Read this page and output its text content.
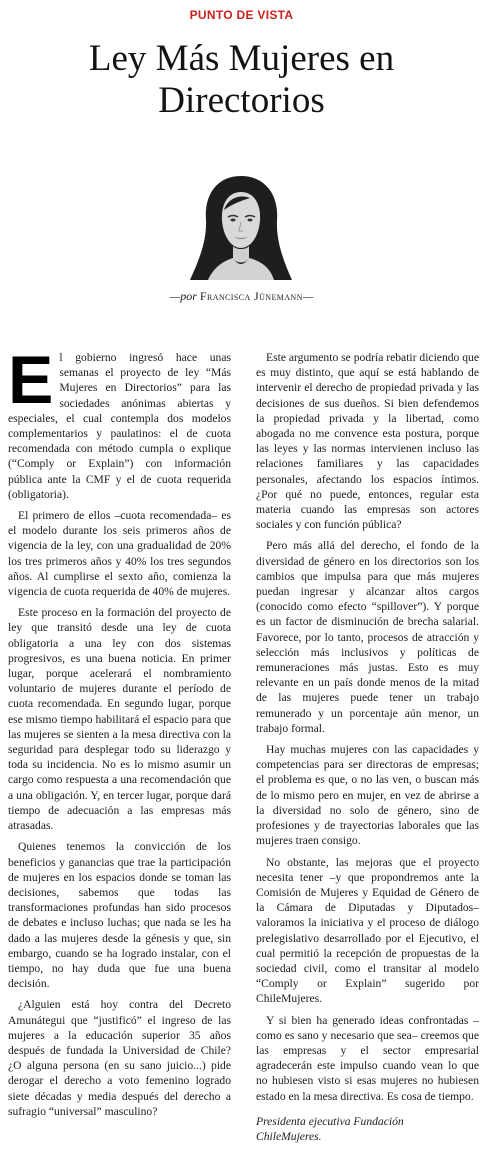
PUNTO DE VISTA
Ley Más Mujeres en Directorios
—por Francisca Jünemann—

El gobierno ingresó hace unas semanas el proyecto de ley “Más Mujeres en Directorios” para las sociedades anónimas abiertas y especiales, el cual contempla dos modelos complementarios y paulatinos: el de cuota recomendada con método cumpla o explique (“Comply or Explain”) con información pública ante la CMF y el de cuota requerida (obligatoria).

El primero de ellos –cuota recomendada– es el modelo durante los seis primeros años de vigencia de la ley, con una gradualidad de 20% los tres primeros años y 40% los tres segundos años. Al cumplirse el sexto año, comienza la vigencia de cuota requerida de 40% de mujeres.

Este proceso en la formación del proyecto de ley que transitó desde una ley de cuota obligatoria a una ley con dos sistemas progresivos, es una buena noticia. En primer lugar, porque acelerará el nombramiento voluntario de mujeres durante el período de cuota recomendada. En segundo lugar, porque ese mismo tiempo habilitará el espacio para que las mujeres se sienten a la mesa directiva con la seguridad para desplegar todo su liderazgo y toda su incidencia. No es lo mismo asumir un cargo como respuesta a una recomendación que a una obligación. Y, en tercer lugar, porque dará tiempo de adecuación a las empresas más atrasadas.

Quienes tenemos la convicción de los beneficios y ganancias que trae la participación de mujeres en los espacios donde se toman las decisiones, sabemos que todas las transformaciones profundas han sido procesos de debates e incluso luchas; que nada se les ha dado a las mujeres desde la génesis y que, sin embargo, cuando se ha logrado instalar, con el tiempo, no hay duda que fue una buena decisión.

¿Alguien está hoy contra del Decreto Amunátegui que “justificó” el ingreso de las mujeres a la educación superior 35 años después de fundada la Universidad de Chile? ¿O alguna persona (en su sano juicio...) pide derogar el derecho a voto femenino logrado siete décadas y media después del derecho a sufragio “universal” masculino?

Este argumento se podría rebatir diciendo que es muy distinto, que aquí se está hablando de intervenir el derecho de propiedad privada y las decisiones de sus dueños. Si bien defendemos la propiedad privada y la libertad, como abogada no me convence esta postura, porque las leyes y las normas intervienen incluso las relaciones familiares y las capacidades personales, afectando los espacios íntimos. ¿Por qué no puede, entonces, regular esta materia cuando las empresas son actores sociales y con función pública?

Pero más allá del derecho, el fondo de la diversidad de género en los directorios son los cambios que impulsa para que más mujeres puedan ingresar y alcanzar altos cargos (conocido como efecto “spillover”). Y porque es un factor de disminución de brecha salarial. Favorece, por lo tanto, procesos de atracción y selección más inclusivos y políticas de remuneraciones más justas. Esto es muy relevante en un país donde menos de la mitad de las mujeres puede tener un trabajo remunerado y un porcentaje aún menor, un trabajo formal.

Hay muchas mujeres con las capacidades y competencias para ser directoras de empresas; el problema es que, o no las ven, o buscan más de lo mismo pero en mujer, en vez de abrirse a la diversidad no solo de género, sino de profesiones y de trayectorias laborales que las mujeres traen consigo.

No obstante, las mejoras que el proyecto necesita tener –y que propondremos ante la Comisión de Mujeres y Equidad de Género de la Cámara de Diputadas y Diputados– valoramos la iniciativa y el proceso de diálogo prelegislativo desarrollado por el Ejecutivo, el cual permitió la recepción de propuestas de la sociedad civil, como el transitar al modelo “Comply or Explain” sugerido por ChileMujeres.

Y si bien ha generado ideas confrontadas –como es sano y necesario que sea– creemos que las empresas y el sector empresarial agradecerán este impulso cuando vean lo que no hubiesen visto si esas mujeres no hubiesen estado en la mesa directiva. Es cosa de tiempo.

Presidenta ejecutiva Fundación
ChileMujeres.
